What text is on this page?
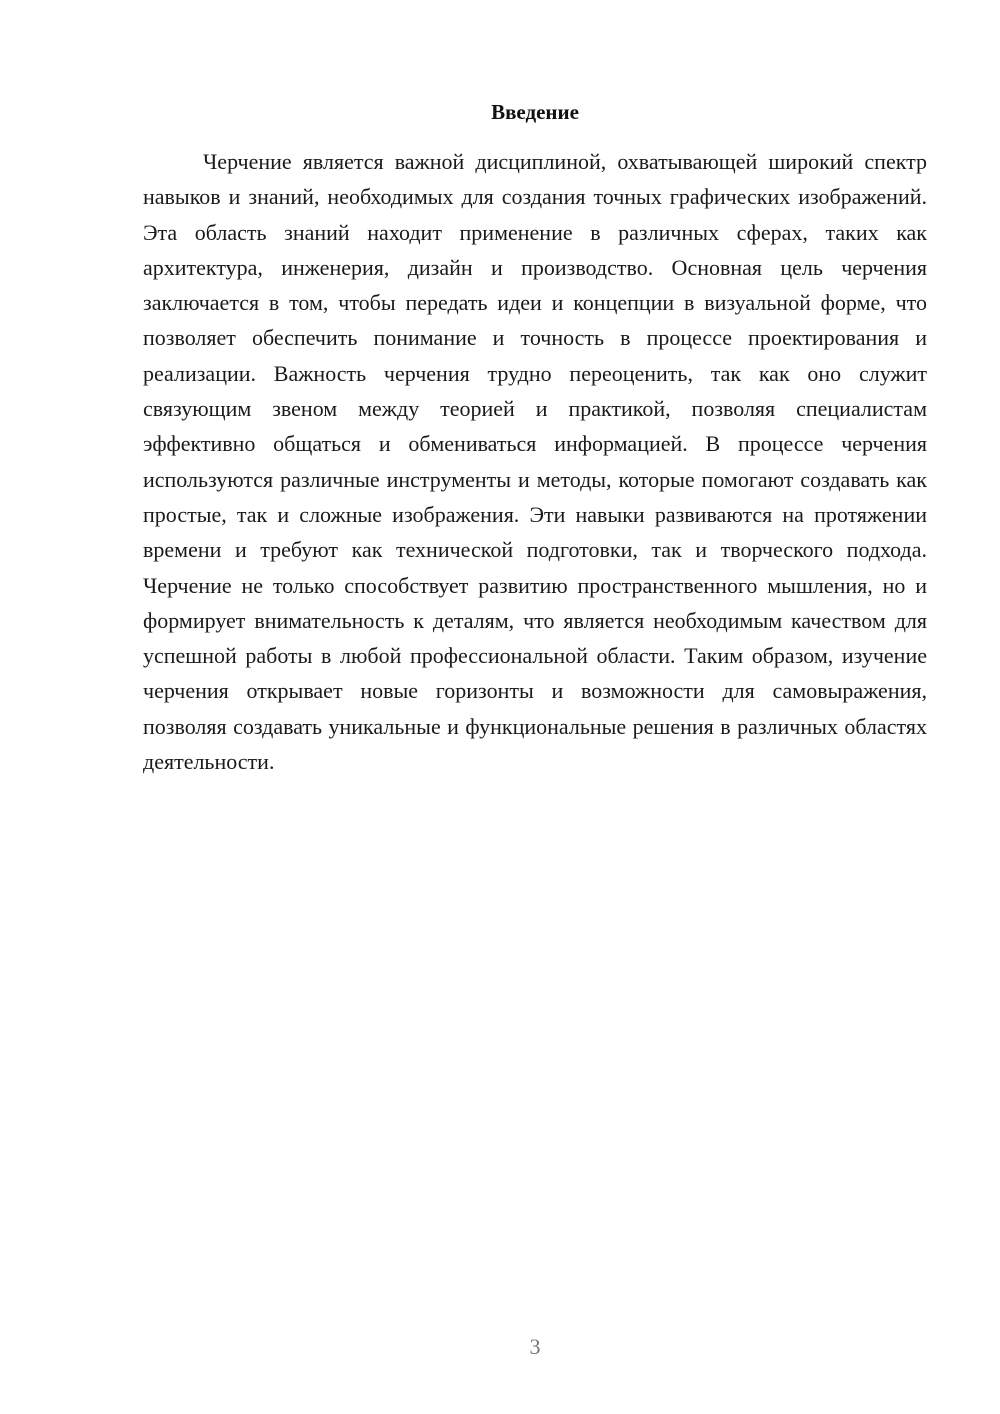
Введение

Черчение является важной дисциплиной, охватывающей широкий спектр навыков и знаний, необходимых для создания точных графических изображений. Эта область знаний находит применение в различных сферах, таких как архитектура, инженерия, дизайн и производство. Основная цель черчения заключается в том, чтобы передать идеи и концепции в визуальной форме, что позволяет обеспечить понимание и точность в процессе проектирования и реализации. Важность черчения трудно переоценить, так как оно служит связующим звеном между теорией и практикой, позволяя специалистам эффективно общаться и обмениваться информацией. В процессе черчения используются различные инструменты и методы, которые помогают создавать как простые, так и сложные изображения. Эти навыки развиваются на протяжении времени и требуют как технической подготовки, так и творческого подхода. Черчение не только способствует развитию пространственного мышления, но и формирует внимательность к деталям, что является необходимым качеством для успешной работы в любой профессиональной области. Таким образом, изучение черчения открывает новые горизонты и возможности для самовыражения, позволяя создавать уникальные и функциональные решения в различных областях деятельности.

3
